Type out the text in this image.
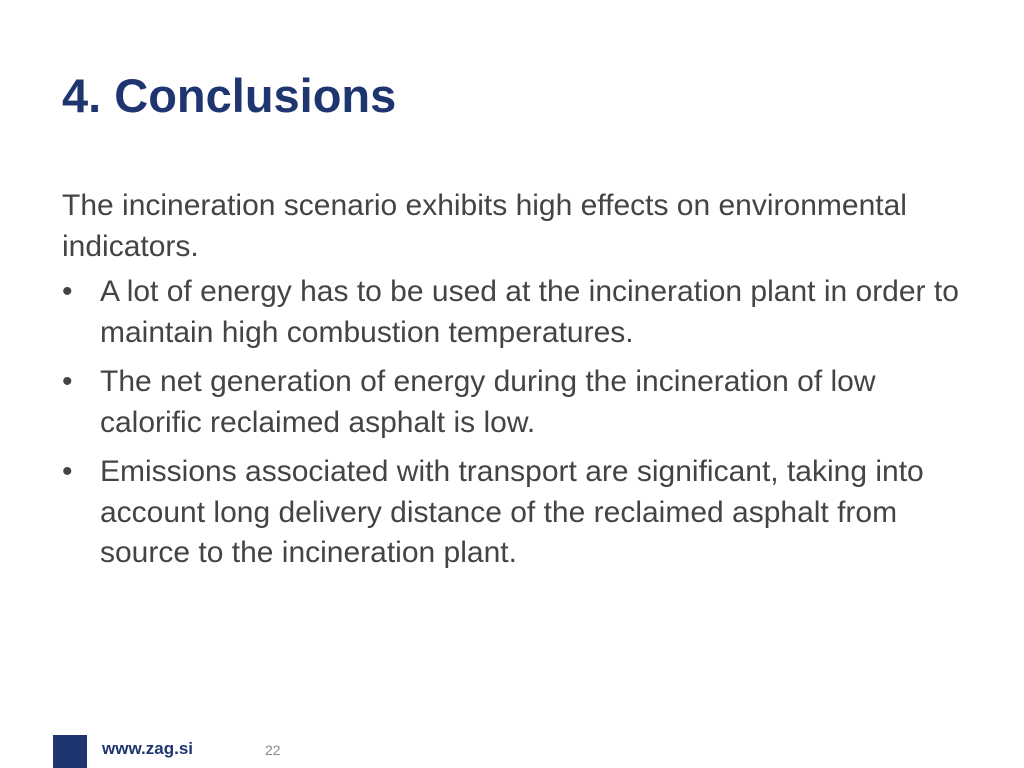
4. Conclusions

The incineration scenario exhibits high effects on environmental indicators.

• A lot of energy has to be used at the incineration plant in order to maintain high combustion temperatures.
• The net generation of energy during the incineration of low calorific reclaimed asphalt is low.
• Emissions associated with transport are significant, taking into account long delivery distance of the reclaimed asphalt from source to the incineration plant.
www.zag.si	22
